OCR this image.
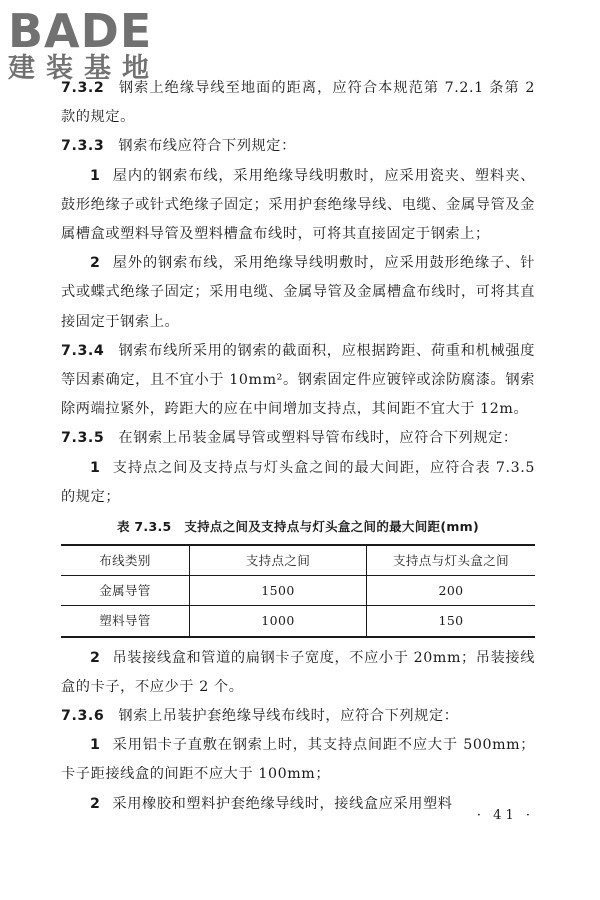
BADE
建装基地

7.3.2 钢索上绝缘导线至地面的距离，应符合本规范第 7.2.1 条第 2 款的规定。

7.3.3 钢索布线应符合下列规定：

1 屋内的钢索布线，采用绝缘导线明敷时，应采用瓷夹、塑料夹、鼓形绝缘子或针式绝缘子固定；采用护套绝缘导线、电缆、金属导管及金属槽盒或塑料导管及塑料槽盒布线时，可将其直接固定于钢索上；

2 屋外的钢索布线，采用绝缘导线明敷时，应采用鼓形绝缘子、针式或蝶式绝缘子固定；采用电缆、金属导管及金属槽盒布线时，可将其直接固定于钢索上。

7.3.4 钢索布线所采用的钢索的截面积，应根据跨距、荷重和机械强度等因素确定，且不宜小于 10mm²。钢索固定件应镀锌或涂防腐漆。钢索除两端拉紧外，跨距大的应在中间增加支持点，其间距不宜大于 12m。

7.3.5 在钢索上吊装金属导管或塑料导管布线时，应符合下列规定：

1 支持点之间及支持点与灯头盒之间的最大间距，应符合表 7.3.5 的规定；

表 7.3.5　支持点之间及支持点与灯头盒之间的最大间距(mm)
布线类别	支持点之间	支持点与灯头盒之间
金属导管	1500	200
塑料导管	1000	150

2 吊装接线盒和管道的扁钢卡子宽度，不应小于 20mm；吊装接线盒的卡子，不应少于 2 个。

7.3.6 钢索上吊装护套绝缘导线布线时，应符合下列规定：

1 采用铝卡子直敷在钢索上时，其支持点间距不应大于 500mm；卡子距接线盒的间距不应大于 100mm；

2 采用橡胶和塑料护套绝缘导线时，接线盒应采用塑料

· 41 ·
